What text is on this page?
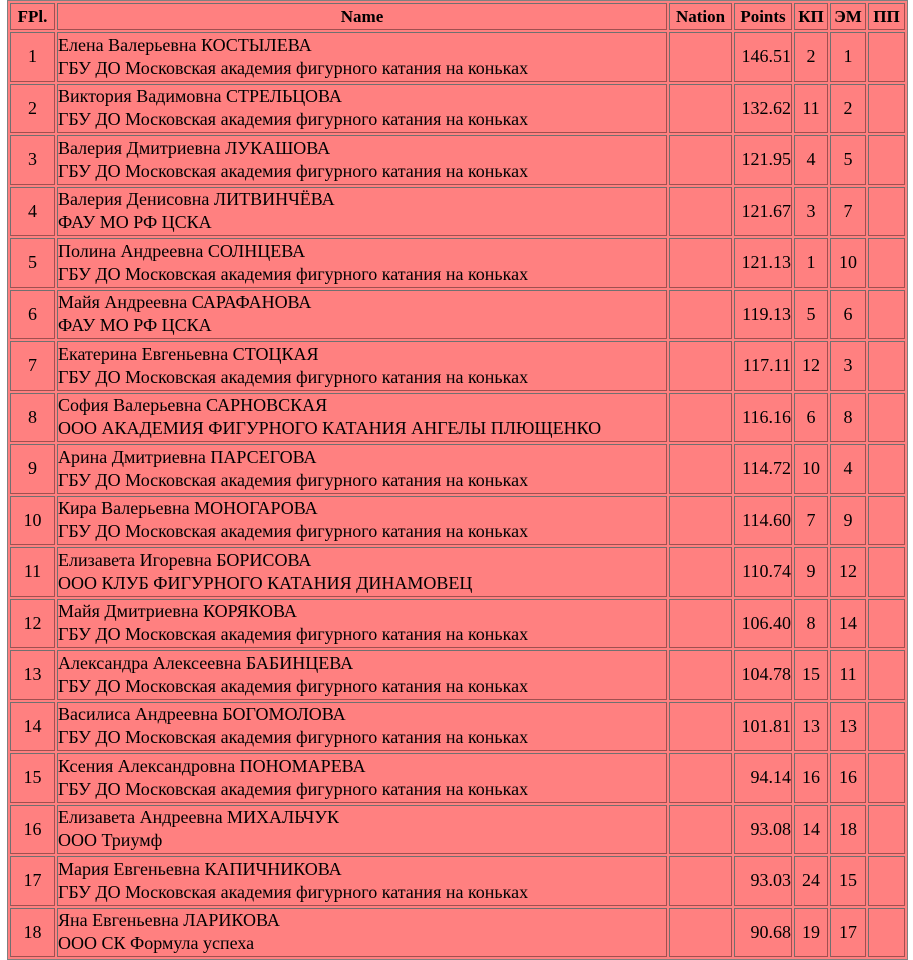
FPl.	Name	Nation	Points	КП	ЭМ	ПП
1	Елена Валерьевна КОСТЫЛЕВА
ГБУ ДО Московская академия фигурного катания на коньках		146.51	2	1	
2	Виктория Вадимовна СТРЕЛЬЦОВА
ГБУ ДО Московская академия фигурного катания на коньках		132.62	11	2	
3	Валерия Дмитриевна ЛУКАШОВА
ГБУ ДО Московская академия фигурного катания на коньках		121.95	4	5	
4	Валерия Денисовна ЛИТВИНЧЁВА
ФАУ МО РФ ЦСКА		121.67	3	7	
5	Полина Андреевна СОЛНЦЕВА
ГБУ ДО Московская академия фигурного катания на коньках		121.13	1	10	
6	Майя Андреевна САРАФАНОВА
ФАУ МО РФ ЦСКА		119.13	5	6	
7	Екатерина Евгеньевна СТОЦКАЯ
ГБУ ДО Московская академия фигурного катания на коньках		117.11	12	3	
8	София Валерьевна САРНОВСКАЯ
ООО АКАДЕМИЯ ФИГУРНОГО КАТАНИЯ АНГЕЛЫ ПЛЮЩЕНКО		116.16	6	8	
9	Арина Дмитриевна ПАРСЕГОВА
ГБУ ДО Московская академия фигурного катания на коньках		114.72	10	4	
10	Кира Валерьевна МОНОГАРОВА
ГБУ ДО Московская академия фигурного катания на коньках		114.60	7	9	
11	Елизавета Игоревна БОРИСОВА
ООО КЛУБ ФИГУРНОГО КАТАНИЯ ДИНАМОВЕЦ		110.74	9	12	
12	Майя Дмитриевна КОРЯКОВА
ГБУ ДО Московская академия фигурного катания на коньках		106.40	8	14	
13	Александра Алексеевна БАБИНЦЕВА
ГБУ ДО Московская академия фигурного катания на коньках		104.78	15	11	
14	Василиса Андреевна БОГОМОЛОВА
ГБУ ДО Московская академия фигурного катания на коньках		101.81	13	13	
15	Ксения Александровна ПОНОМАРЕВА
ГБУ ДО Московская академия фигурного катания на коньках		94.14	16	16	
16	Елизавета Андреевна МИХАЛЬЧУК
ООО Триумф		93.08	14	18	
17	Мария Евгеньевна КАПИЧНИКОВА
ГБУ ДО Московская академия фигурного катания на коньках		93.03	24	15	
18	Яна Евгеньевна ЛАРИКОВА
ООО СК Формула успеха		90.68	19	17	
